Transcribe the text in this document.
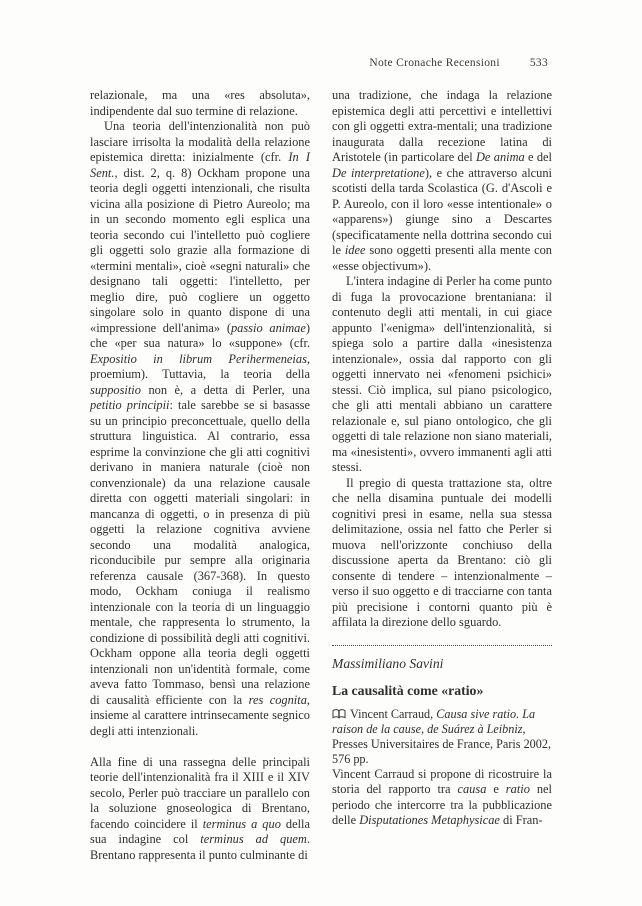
Note Cronache Recensioni	533

relazionale, ma una «res absoluta», indipendente dal suo termine di relazione.

Una teoria dell'intenzionalità non può lasciare irrisolta la modalità della relazione epistemica diretta: inizialmente (cfr. In I Sent., dist. 2, q. 8) Ockham propone una teoria degli oggetti intenzionali, che risulta vicina alla posizione di Pietro Aureolo; ma in un secondo momento egli esplica una teoria secondo cui l'intelletto può cogliere gli oggetti solo grazie alla formazione di «termini mentali», cioè «segni naturali» che designano tali oggetti: l'intelletto, per meglio dire, può cogliere un oggetto singolare solo in quanto dispone di una «impressione dell'anima» (passio animae) che «per sua natura» lo «suppone» (cfr. Expositio in librum Perihermeneias, proemium). Tuttavia, la teoria della suppositio non è, a detta di Perler, una petitio principii: tale sarebbe se si basasse su un principio preconcettuale, quello della struttura linguistica. Al contrario, essa esprime la convinzione che gli atti cognitivi derivano in maniera naturale (cioè non convenzionale) da una relazione causale diretta con oggetti materiali singolari: in mancanza di oggetti, o in presenza di più oggetti la relazione cognitiva avviene secondo una modalità analogica, riconducibile pur sempre alla originaria referenza causale (367-368). In questo modo, Ockham coniuga il realismo intenzionale con la teoria di un linguaggio mentale, che rappresenta lo strumento, la condizione di possibilità degli atti cognitivi. Ockham oppone alla teoria degli oggetti intenzionali non un'identità formale, come aveva fatto Tommaso, bensì una relazione di causalità efficiente con la res cognita, insieme al carattere intrinsecamente segnico degli atti intenzionali.

Alla fine di una rassegna delle principali teorie dell'intenzionalità fra il XIII e il XIV secolo, Perler può tracciare un parallelo con la soluzione gnoseologica di Brentano, facendo coincidere il terminus a quo della sua indagine col terminus ad quem. Brentano rappresenta il punto culminante di

una tradizione, che indaga la relazione epistemica degli atti percettivi e intellettivi con gli oggetti extra-mentali; una tradizione inaugurata dalla recezione latina di Aristotele (in particolare del De anima e del De interpretatione), e che attraverso alcuni scotisti della tarda Scolastica (G. d'Ascoli e P. Aureolo, con il loro «esse intentionale» o «apparens») giunge sino a Descartes (specificatamente nella dottrina secondo cui le idee sono oggetti presenti alla mente con «esse objectivum»).

L'intera indagine di Perler ha come punto di fuga la provocazione brentaniana: il contenuto degli atti mentali, in cui giace appunto l'«enigma» dell'intenzionalità, si spiega solo a partire dalla «inesistenza intenzionale», ossia dal rapporto con gli oggetti innervato nei «fenomeni psichici» stessi. Ciò implica, sul piano psicologico, che gli atti mentali abbiano un carattere relazionale e, sul piano ontologico, che gli oggetti di tale relazione non siano materiali, ma «inesistenti», ovvero immanenti agli atti stessi.

Il pregio di questa trattazione sta, oltre che nella disamina puntuale dei modelli cognitivi presi in esame, nella sua stessa delimitazione, ossia nel fatto che Perler si muova nell'orizzonte conchiuso della discussione aperta da Brentano: ciò gli consente di tendere – intenzionalmente – verso il suo oggetto e di tracciarne con tanta più precisione i contorni quanto più è affilata la direzione dello sguardo.

Massimiliano Savini
La causalità come «ratio»
Vincent Carraud, Causa sive ratio. La raison de la cause, de Suárez à Leibniz, Presses Universitaires de France, Paris 2002, 576 pp.

Vincent Carraud si propone di ricostruire la storia del rapporto tra causa e ratio nel periodo che intercorre tra la pubblicazione delle Disputationes Metaphysicae di Fran-
